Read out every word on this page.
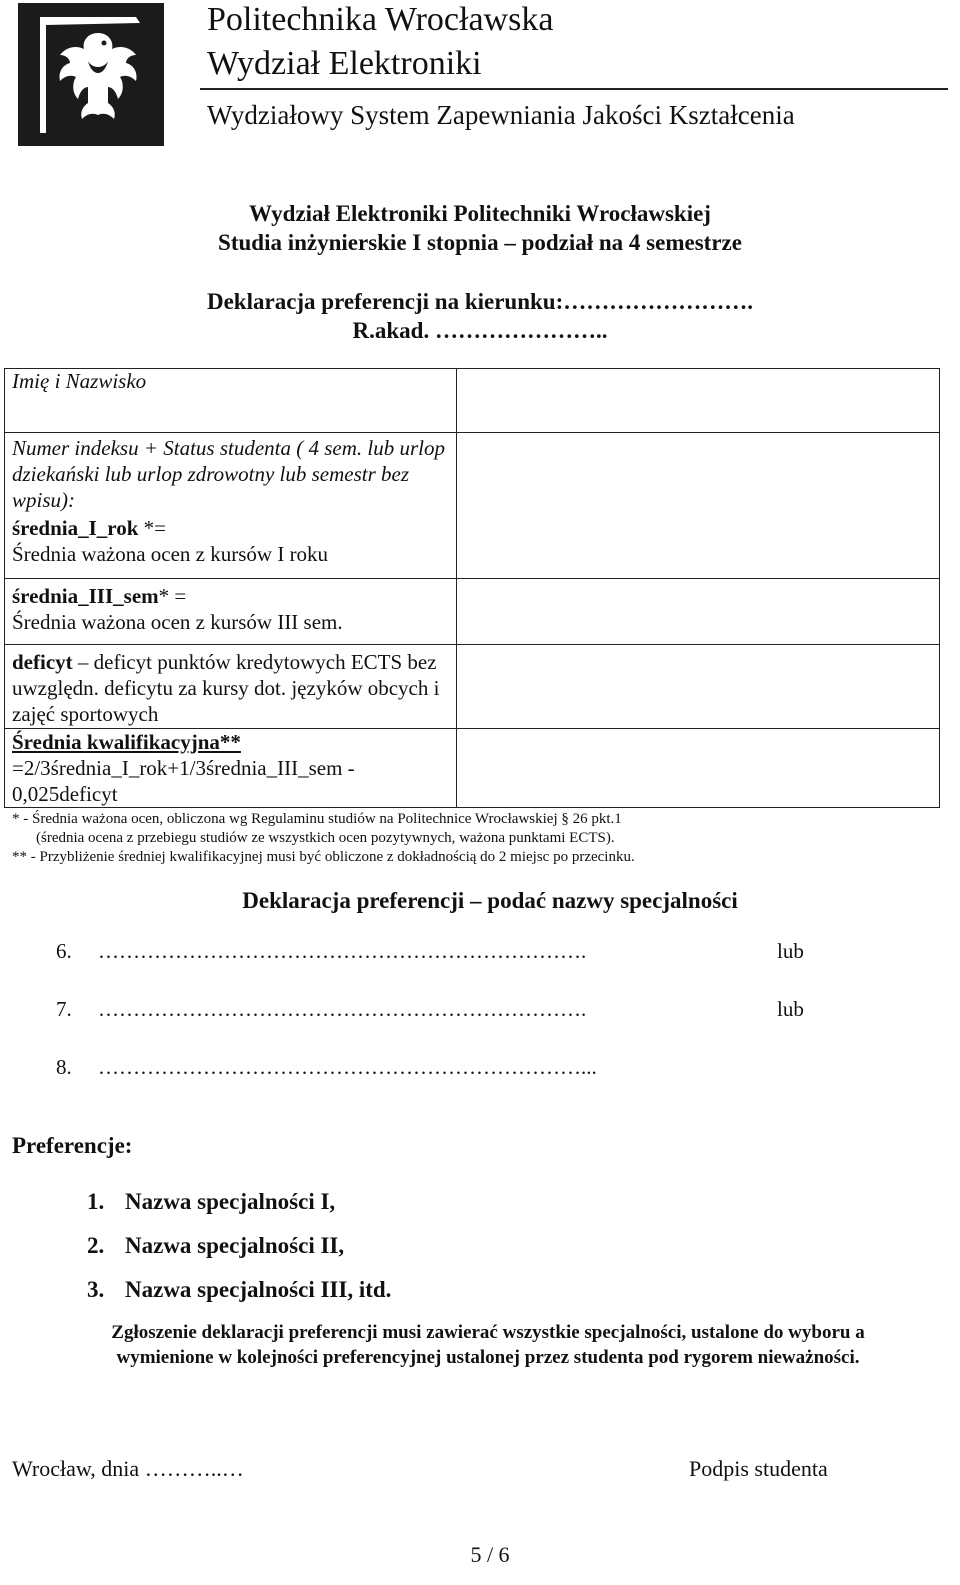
Politechnika Wrocławska
Wydział Elektroniki
Wydziałowy System Zapewniania Jakości Kształcenia
Wydział Elektroniki Politechniki Wrocławskiej
Studia inżynierskie I stopnia – podział na 4 semestrze
Deklaracja preferencji na kierunku:…………………….
R.akad. …………………..
Imię i Nazwisko	

Numer indeksu + Status studenta ( 4 sem. lub urlop dziekański lub urlop zdrowotny lub semestr bez wpisu):
średnia_I_rok *=
Średnia ważona ocen z kursów I roku	

średnia_III_sem* =
Średnia ważona ocen z kursów III sem.	

deficyt – deficyt punktów kredytowych ECTS bez uwzględn. deficytu za kursy dot. języków obcych i zajęć sportowych	

Średnia kwalifikacyjna**
=2/3średnia_I_rok+1/3średnia_III_sem - 0,025deficyt	

* - Średnia ważona ocen, obliczona wg Regulaminu studiów na Politechnice Wrocławskiej § 26 pkt.1
(średnia ocena z przebiegu studiów ze wszystkich ocen pozytywnych, ważona punktami ECTS).
** - Przybliżenie średniej kwalifikacyjnej musi być obliczone z dokładnością do 2 miejsc po przecinku.
Deklaracja preferencji – podać nazwy specjalności
6. …………………………………………………………….	lub
7. …………………………………………………………….	lub
8. ……………………………………………………………...
Preferencje:
1. Nazwa specjalności I,
2. Nazwa specjalności II,
3. Nazwa specjalności III, itd.
Zgłoszenie deklaracji preferencji musi zawierać wszystkie specjalności, ustalone do wyboru a
wymienione w kolejności preferencyjnej ustalonej przez studenta pod rygorem nieważności.
Wrocław, dnia ………..…	Podpis studenta
5 / 6
